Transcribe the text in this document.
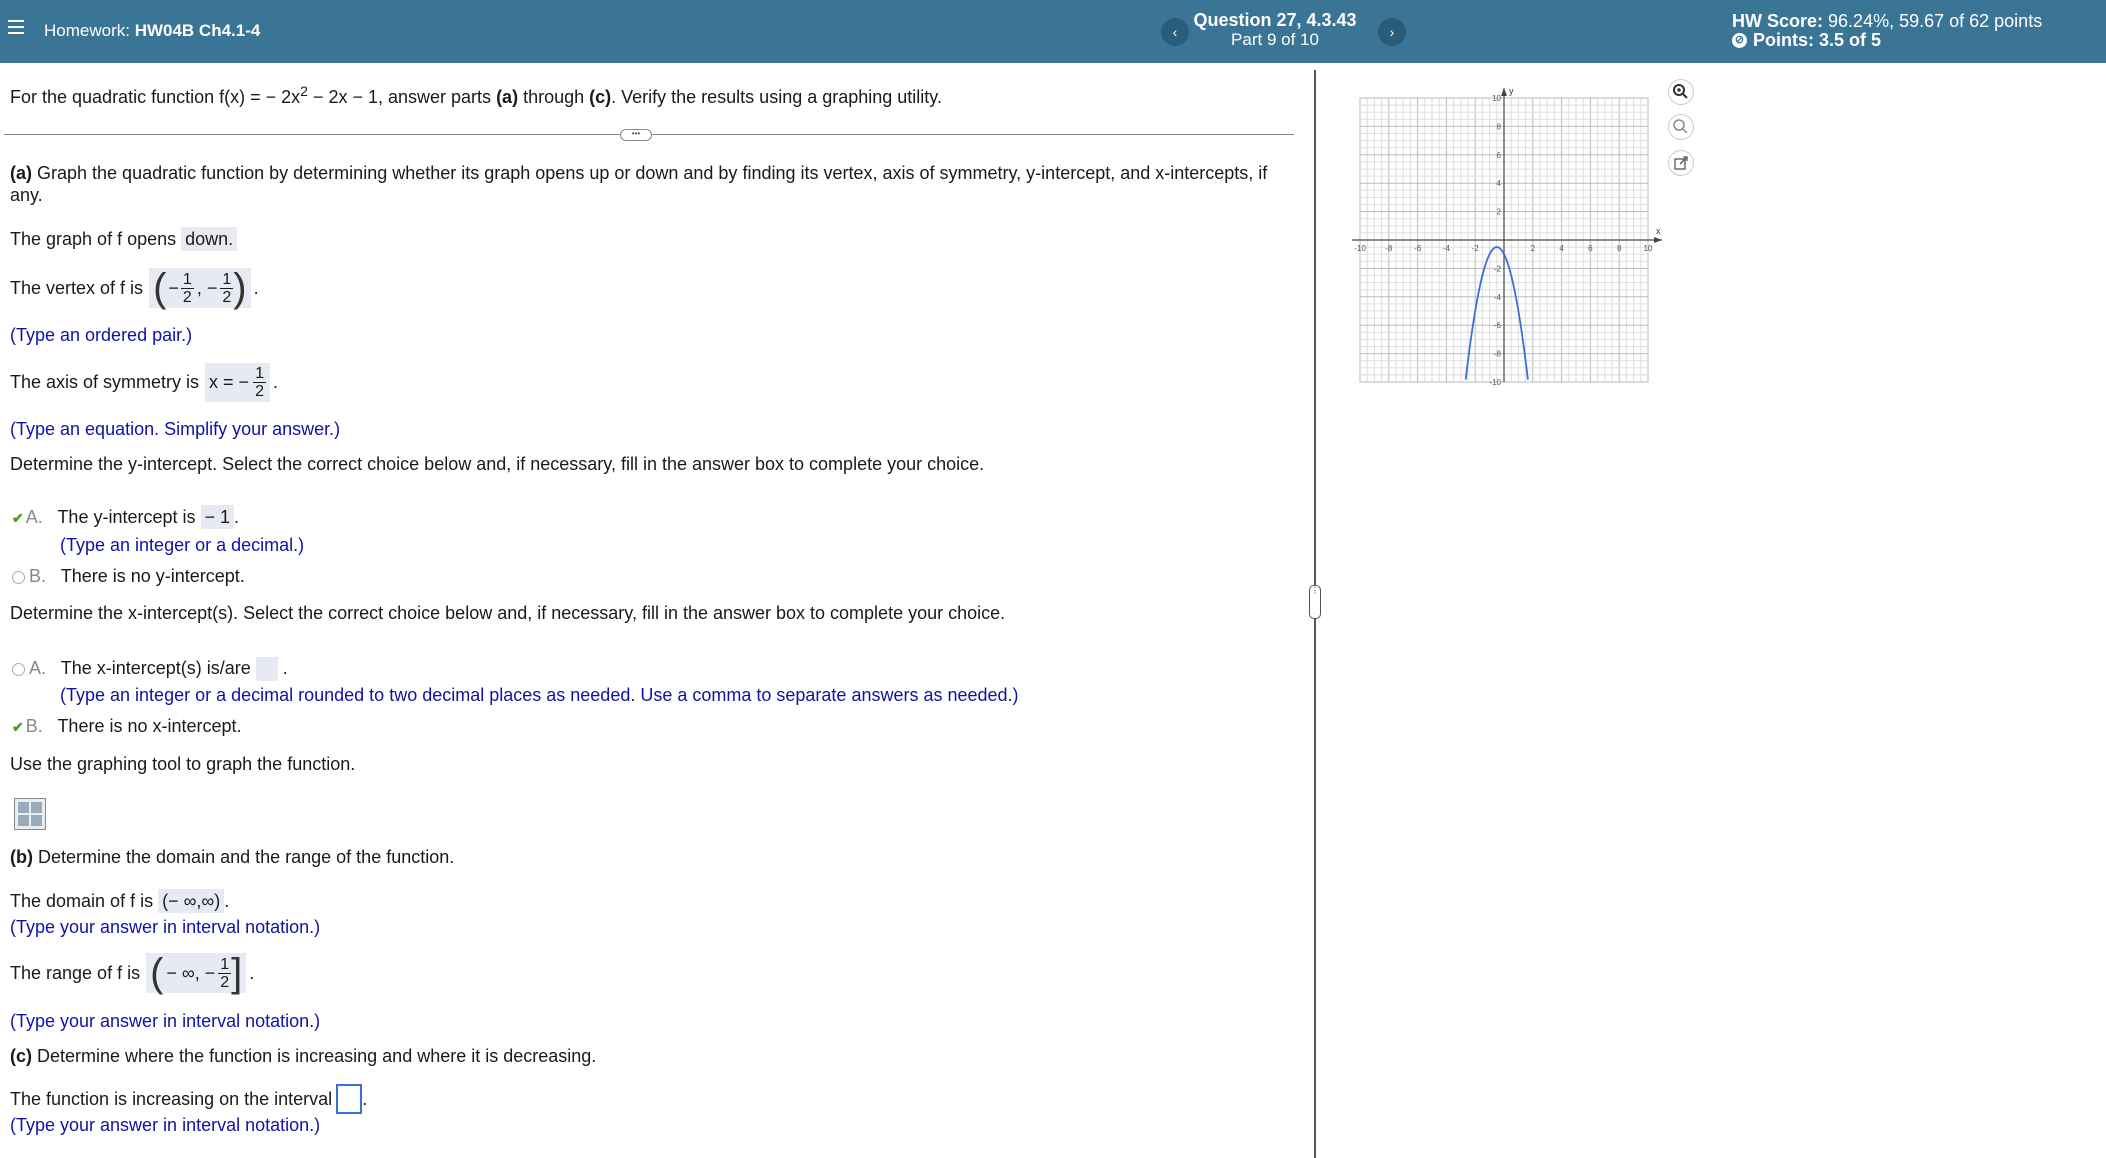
Homework: HW04B Ch4.1-4	‹
Question 27, 4.3.43
Part 9 of 10	›
HW Score: 96.24%, 59.67 of 62 points
⊘ Points: 3.5 of 5
For the quadratic function f(x) = − $2x^2 - 2x - 1$, answer parts (a) through (c). Verify the results using a graphing utility.
•••
(a) Graph the quadratic function by determining whether its graph opens up or down and by finding its vertex, axis of symmetry, y-intercept, and x-intercepts, if
any.
The graph of f opens down.
The vertex of f is ( − $\frac{1}{2}$ , − $\frac{1}{2}$ ) .
(Type an ordered pair.)
The axis of symmetry is x = − $\frac{1}{2}$ .
(Type an equation. Simplify your answer.)
Determine the y-intercept. Select the correct choice below and, if necessary, fill in the answer box to complete your choice.
✔ A. The y-intercept is − 1 .
(Type an integer or a decimal.)
B. There is no y-intercept.
Determine the x-intercept(s). Select the correct choice below and, if necessary, fill in the answer box to complete your choice.
A. The x-intercept(s) is/are  .
(Type an integer or a decimal rounded to two decimal places as needed. Use a comma to separate answers as needed.)
✔ B. There is no x-intercept.
Use the graphing tool to graph the function.
(b) Determine the domain and the range of the function.
The domain of f is (− ∞,∞) .
(Type your answer in interval notation.)
The range of f is ( − ∞, − $\frac{1}{2}$ ] .
(Type your answer in interval notation.)
(c) Determine where the function is increasing and where it is decreasing.
The function is increasing on the interval .
(Type your answer in interval notation.)
⋮
x
y
-10 -8	-6	-4	-2	2	4	6	8	10
10
8
6
4
2
-2
-4
-6
-8
-10
